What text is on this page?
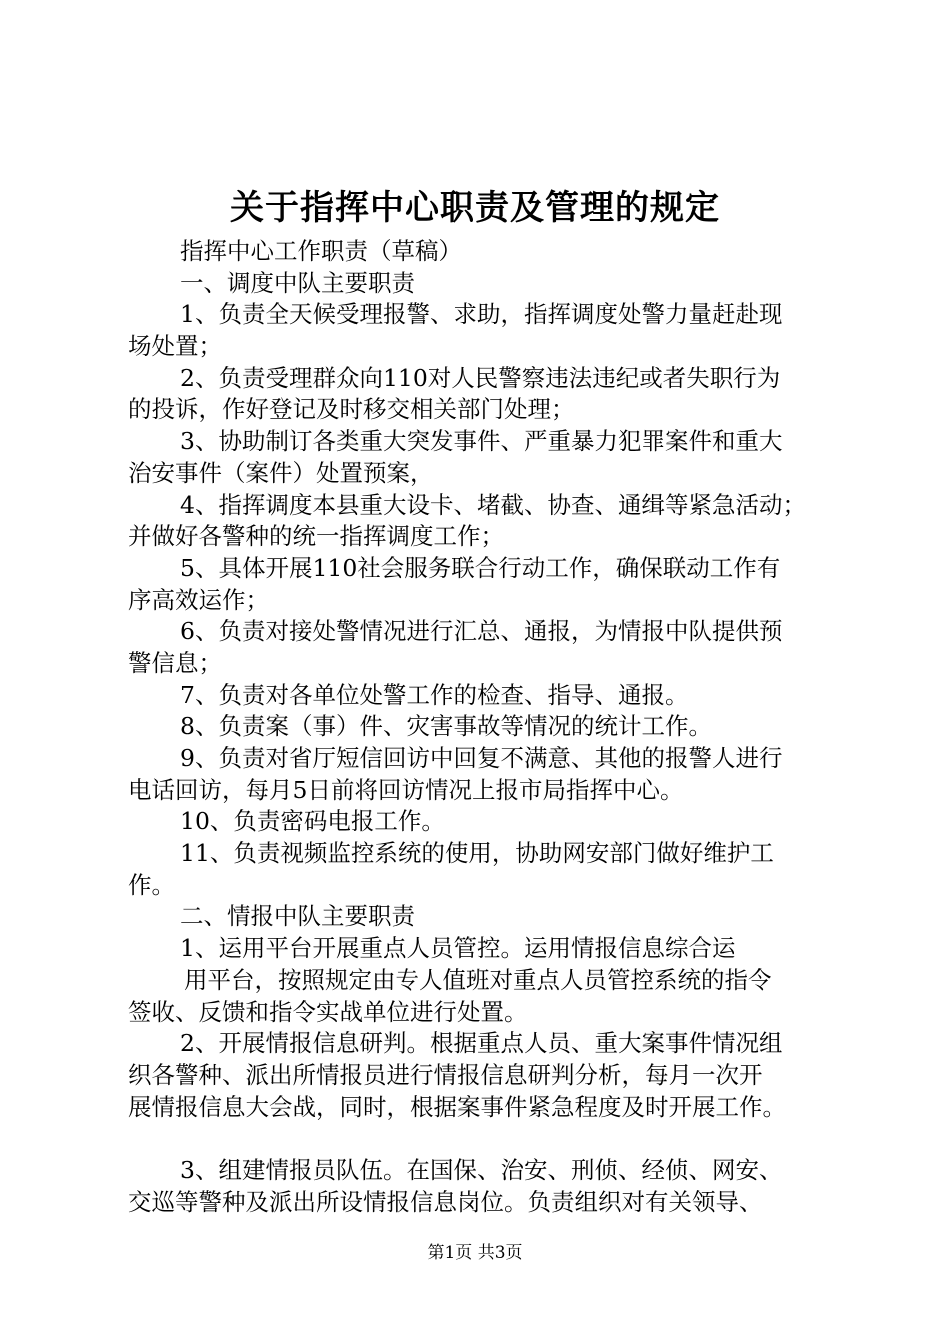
关于指挥中心职责及管理的规定
指挥中心工作职责（草稿）
一、调度中队主要职责
1、负责全天候受理报警、求助，指挥调度处警力量赶赴现
场处置；
2、负责受理群众向110对人民警察违法违纪或者失职行为
的投诉，作好登记及时移交相关部门处理；
3、协助制订各类重大突发事件、严重暴力犯罪案件和重大
治安事件（案件）处置预案，
4、指挥调度本县重大设卡、堵截、协查、通缉等紧急活动；
并做好各警种的统一指挥调度工作；
5、具体开展110社会服务联合行动工作，确保联动工作有
序高效运作；
6、负责对接处警情况进行汇总、通报，为情报中队提供预
警信息；
7、负责对各单位处警工作的检查、指导、通报。
8、负责案（事）件、灾害事故等情况的统计工作。
9、负责对省厅短信回访中回复不满意、其他的报警人进行
电话回访，每月5日前将回访情况上报市局指挥中心。
10、负责密码电报工作。
11、负责视频监控系统的使用，协助网安部门做好维护工
作。
二、情报中队主要职责
1、运用平台开展重点人员管控。运用情报信息综合运
用平台，按照规定由专人值班对重点人员管控系统的指令
签收、反馈和指令实战单位进行处置。
2、开展情报信息研判。根据重点人员、重大案事件情况组
织各警种、派出所情报员进行情报信息研判分析，每月一次开
展情报信息大会战，同时，根据案事件紧急程度及时开展工作。
3、组建情报员队伍。在国保、治安、刑侦、经侦、网安、
交巡等警种及派出所设情报信息岗位。负责组织对有关领导、
第1页 共3页
